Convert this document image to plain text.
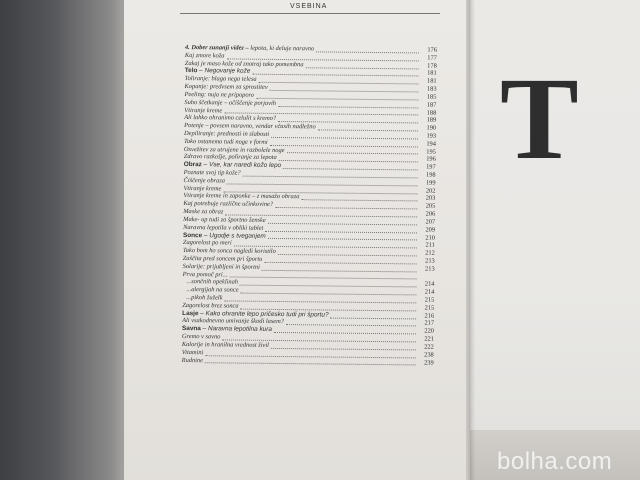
T
VSEBINA
4. Dober zunanji videz –
lepota, ki deluje naravno	176
Kaj zmore koža	177
Zakaj je maso kože od znotraj tako pomembna	178
Telo
– Negovanje kože	181
Toliranje: blaga nega telesa	181
Kopanje: predvsem za sprostitev	183
Peeling: nuja ne pripoporo	185
Suho ščetkanje – očiščenje porjavih	187
Vtiranje kreme	188
Ali lahko ohranimo celulit s kremo?	189
Potenje – povsem naravno, vendar včasih nadležno	190
Depiliranje: prednosti in slabosti	193
Tako ostanemo tudi noge v formi	194
Osvežitev za utrujene in razbolele noge	195
Zdravo razkošje, poliranje za lepota	196
Obraz
– Vse, kar naredi kožo lepo	197
Poznate svoj tip kože?	198
Čiščenje obraza	199
Vtiranje kreme	202
Vtiranje kreme in zaponke – z masažo obraza	203
Kaj potrebuje različne učinkovine?	205
Maske za obraz	206
Make- up tudi za športno ženske	207
Naravna lepotila v obliki tablet	209
Sonce
– Ugodje s tveganjem	210
Zagorelost po meri	211
Tako bom ho sonca nagledi koristilo	212
Zaščita pred soncem pri športu	213
Solarije: prijubljeni in športni	213
Prva pomoč pri...
...sončnih opeklinah	214
...alergijah na sonce	214
...pikoh žuželk	215
Zagorelost brez sonca	215
Lasje
– Kako ohranite lepo pričesko tudi pri športu?	216
Ali vsakodnevno umivanje škodi lasem?	217
Savna
– Naravna lepotilna kura	220
Gremo v savno	221
Kalorije in hranilna vrednost živil	222
Vitamini	238
Rudnine	239
bolha.com
